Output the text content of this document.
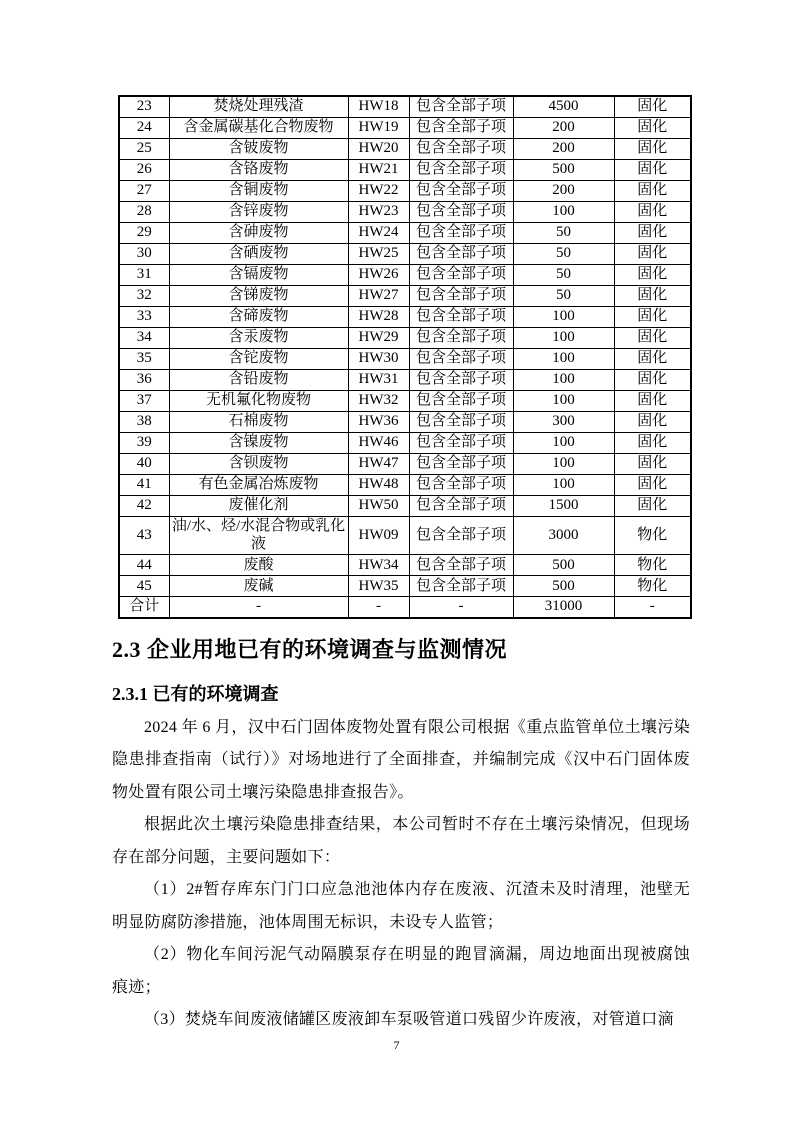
23	焚烧处理残渣	HW18	包含全部子项	4500	固化
24	含金属碳基化合物废物	HW19	包含全部子项	200	固化
25	含铍废物	HW20	包含全部子项	200	固化
26	含铬废物	HW21	包含全部子项	500	固化
27	含铜废物	HW22	包含全部子项	200	固化
28	含锌废物	HW23	包含全部子项	100	固化
29	含砷废物	HW24	包含全部子项	50	固化
30	含硒废物	HW25	包含全部子项	50	固化
31	含镉废物	HW26	包含全部子项	50	固化
32	含锑废物	HW27	包含全部子项	50	固化
33	含碲废物	HW28	包含全部子项	100	固化
34	含汞废物	HW29	包含全部子项	100	固化
35	含铊废物	HW30	包含全部子项	100	固化
36	含铅废物	HW31	包含全部子项	100	固化
37	无机氟化物废物	HW32	包含全部子项	100	固化
38	石棉废物	HW36	包含全部子项	300	固化
39	含镍废物	HW46	包含全部子项	100	固化
40	含钡废物	HW47	包含全部子项	100	固化
41	有色金属冶炼废物	HW48	包含全部子项	100	固化
42	废催化剂	HW50	包含全部子项	1500	固化
43	油/水、烃/水混合物或乳化液	HW09	包含全部子项	3000	物化
44	废酸	HW34	包含全部子项	500	物化
45	废碱	HW35	包含全部子项	500	物化
合计	-	-	-	31000	-
2.3 企业用地已有的环境调查与监测情况
2.3.1 已有的环境调查

2024 年 6 月，汉中石门固体废物处置有限公司根据《重点监管单位土壤污染隐患排查指南（试行）》对场地进行了全面排查，并编制完成《汉中石门固体废物处置有限公司土壤污染隐患排查报告》。

根据此次土壤污染隐患排查结果，本公司暂时不存在土壤污染情况，但现场存在部分问题，主要问题如下：

（1）2#暂存库东门门口应急池池体内存在废液、沉渣未及时清理，池壁无明显防腐防渗措施，池体周围无标识，未设专人监管；

（2）物化车间污泥气动隔膜泵存在明显的跑冒滴漏，周边地面出现被腐蚀痕迹；

（3）焚烧车间废液储罐区废液卸车泵吸管道口残留少许废液，对管道口滴

7
